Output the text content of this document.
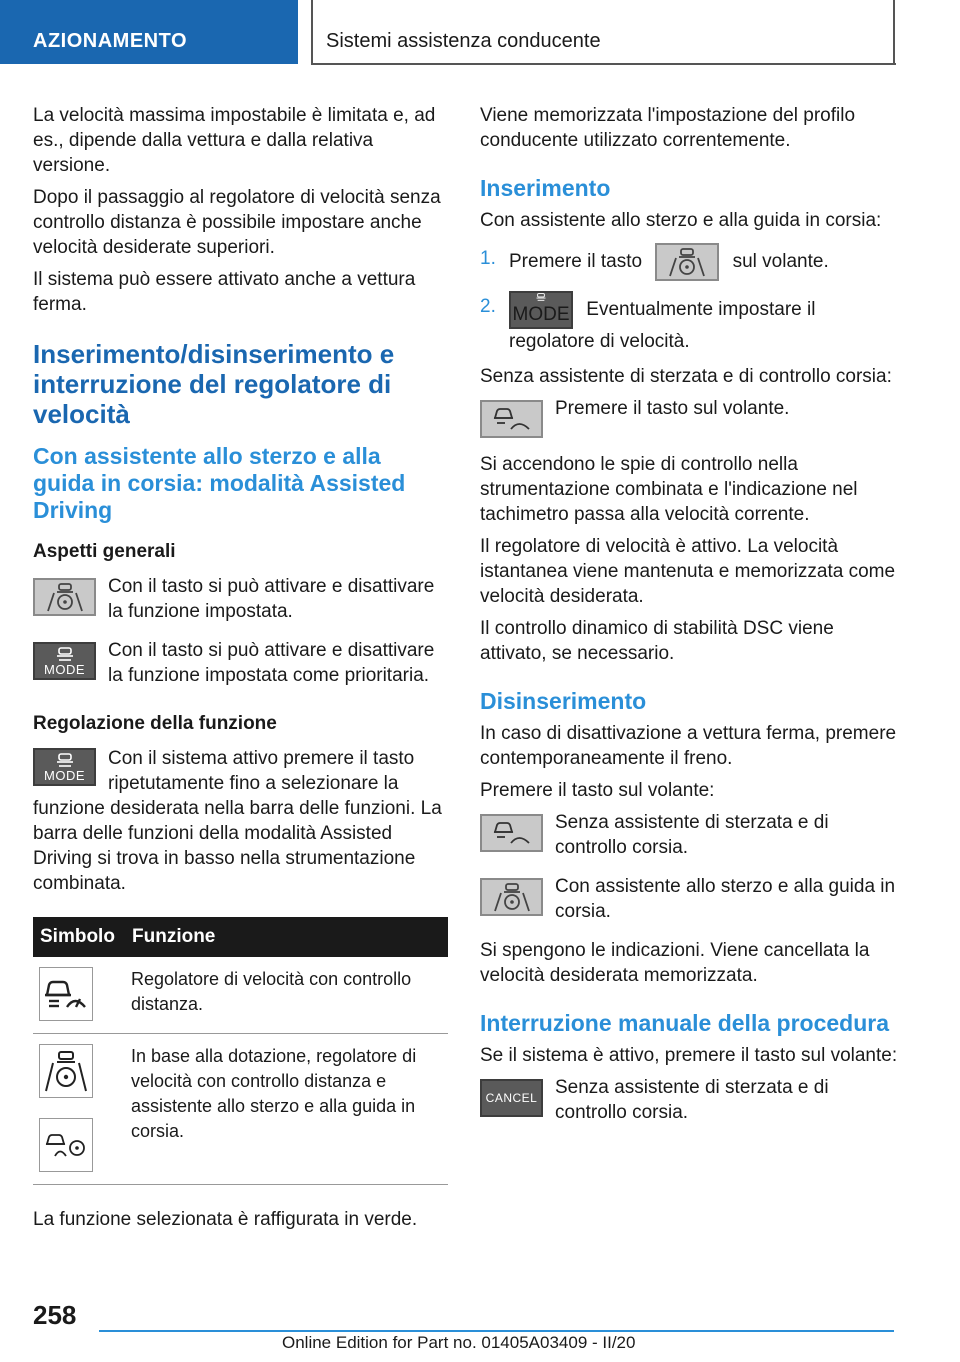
AZIONAMENTO	Sistemi assistenza conducente

La velocità massima impostabile è limitata e, ad es., dipende dalla vettura e dalla relativa versione.

Dopo il passaggio al regolatore di velocità senza controllo distanza è possibile impostare anche velocità desiderate superiori.

Il sistema può essere attivato anche a vettura ferma.

Inserimento/disinserimento e interruzione del regolatore di velocità
Con assistente allo sterzo e alla guida in corsia: modalità Assisted Driving
Aspetti generali
Con il tasto si può attivare e disattivare la funzione impostata.
MODE
Con il tasto si può attivare e disattivare la funzione impostata come prioritaria.
Regolazione della funzione
MODE

Con il sistema attivo premere il tasto ripetutamente fino a selezionare la funzione desiderata nella barra delle funzioni. La barra delle funzioni della modalità Assisted Driving si trova in basso nella strumentazione combinata.

Simbolo	Funzione

	Regolatore di velocità con controllo distanza.

	In base alla dotazione, regolatore di velocità con controllo distanza e assistente allo sterzo e alla guida in corsia.

La funzione selezionata è raffigurata in verde.

Viene memorizzata l'impostazione del profilo conducente utilizzato correntemente.

Inserimento

Con assistente allo sterzo e alla guida in corsia:

1. Premere il tasto	sul volante.
2. MODE Eventualmente impostare il regolatore di velocità.

Senza assistente di sterzata e di controllo corsia:

Premere il tasto sul volante.

Si accendono le spie di controllo nella strumentazione combinata e l'indicazione nel tachimetro passa alla velocità corrente.

Il regolatore di velocità è attivo. La velocità istantanea viene mantenuta e memorizzata come velocità desiderata.

Il controllo dinamico di stabilità DSC viene attivato, se necessario.

Disinserimento

In caso di disattivazione a vettura ferma, premere contemporaneamente il freno.

Premere il tasto sul volante:

Senza assistente di sterzata e di controllo corsia.
Con assistente allo sterzo e alla guida in corsia.

Si spengono le indicazioni. Viene cancellata la velocità desiderata memorizzata.

Interruzione manuale della procedura

Se il sistema è attivo, premere il tasto sul volante:

CANCEL Senza assistente di sterzata e di controllo corsia.
258
Online Edition for Part no. 01405A03409 - II/20
